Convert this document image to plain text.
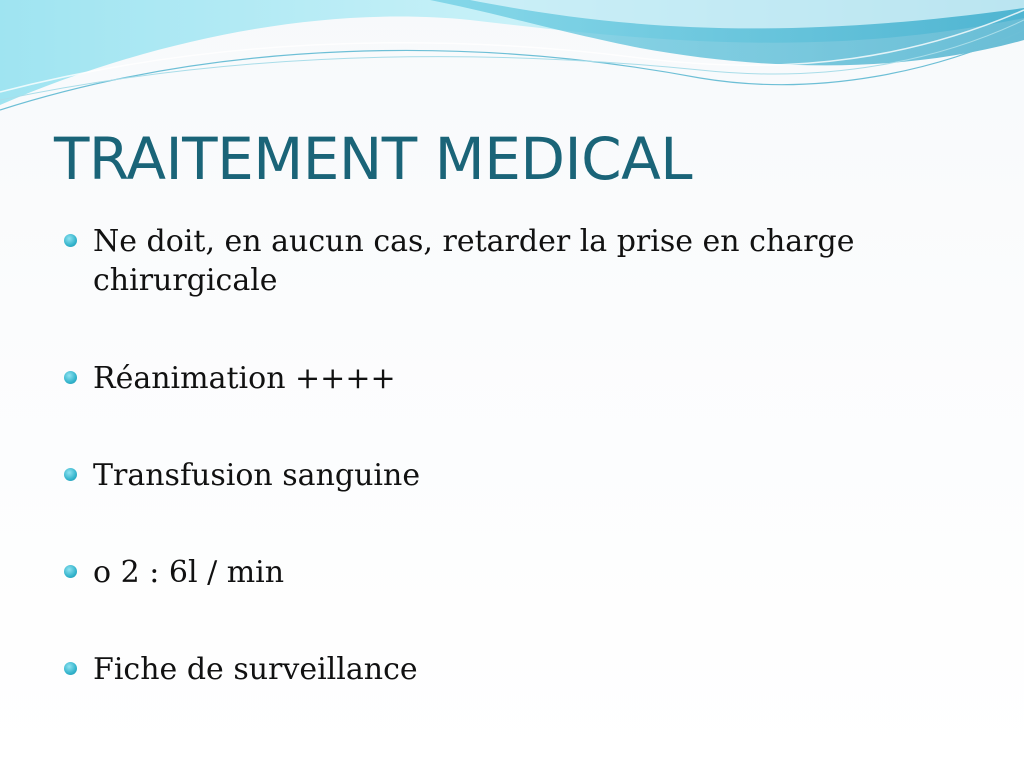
TRAITEMENT MEDICAL
Ne doit, en aucun cas, retarder la prise en charge chirurgicale
Réanimation ++++
Transfusion sanguine
o 2 : 6l / min
Fiche de surveillance
